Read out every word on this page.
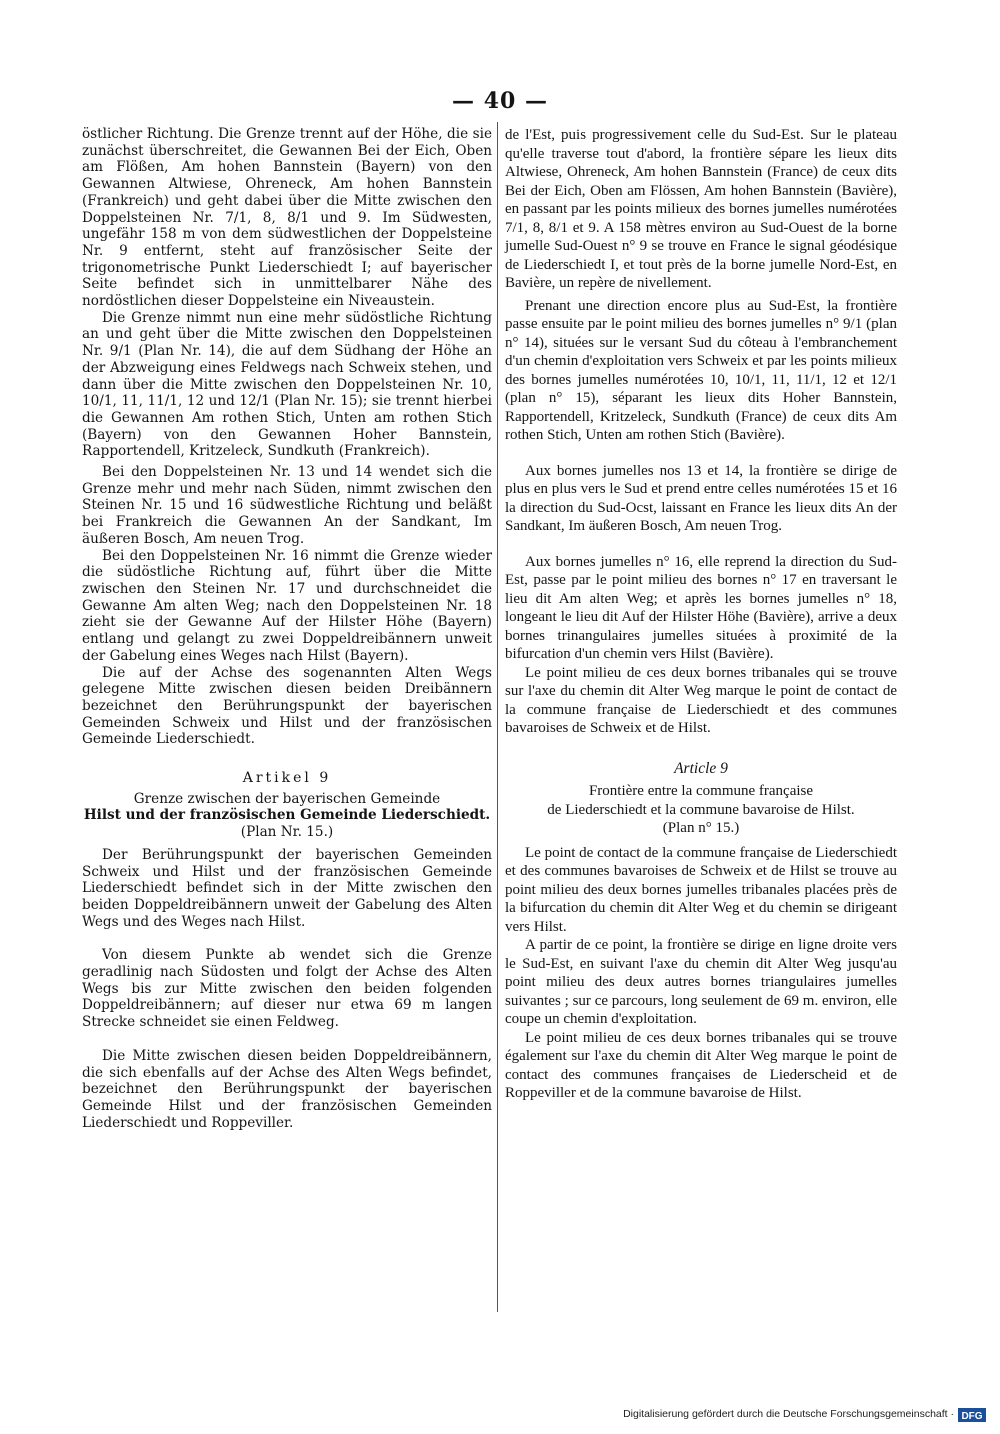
— 40 —

östlicher Richtung. Die Grenze trennt auf der Höhe, die sie zunächst überschreitet, die Gewannen Bei der Eich, Oben am Flößen, Am hohen Bannstein (Bayern) von den Gewannen Altwiese, Ohreneck, Am hohen Bannstein (Frankreich) und geht dabei über die Mitte zwischen den Doppelsteinen Nr. 7/1, 8, 8/1 und 9. Im Südwesten, ungefähr 158 m von dem südwestlichen der Doppelsteine Nr. 9 entfernt, steht auf französischer Seite der trigonometrische Punkt Liederschiedt I; auf bayerischer Seite befindet sich in unmittelbarer Nähe des nordöstlichen dieser Doppelsteine ein Niveaustein.

Die Grenze nimmt nun eine mehr südöstliche Richtung an und geht über die Mitte zwischen den Doppelsteinen Nr. 9/1 (Plan Nr. 14), die auf dem Südhang der Höhe an der Abzweigung eines Feldwegs nach Schweix stehen, und dann über die Mitte zwischen den Doppelsteinen Nr. 10, 10/1, 11, 11/1, 12 und 12/1 (Plan Nr. 15); sie trennt hierbei die Gewannen Am rothen Stich, Unten am rothen Stich (Bayern) von den Gewannen Hoher Bannstein, Rapportendell, Kritzeleck, Sundkuth (Frankreich).

Bei den Doppelsteinen Nr. 13 und 14 wendet sich die Grenze mehr und mehr nach Süden, nimmt zwischen den Steinen Nr. 15 und 16 südwestliche Richtung und beläßt bei Frankreich die Gewannen An der Sandkant, Im äußeren Bosch, Am neuen Trog.

Bei den Doppelsteinen Nr. 16 nimmt die Grenze wieder die südöstliche Richtung auf, führt über die Mitte zwischen den Steinen Nr. 17 und durchschneidet die Gewanne Am alten Weg; nach den Doppelsteinen Nr. 18 zieht sie der Gewanne Auf der Hilster Höhe (Bayern) entlang und gelangt zu zwei Doppeldreibännern unweit der Gabelung eines Weges nach Hilst (Bayern).

Die auf der Achse des sogenannten Alten Wegs gelegene Mitte zwischen diesen beiden Dreibännern bezeichnet den Berührungspunkt der bayerischen Gemeinden Schweix und Hilst und der französischen Gemeinde Liederschiedt.

Artikel 9
Grenze zwischen der bayerischen Gemeinde
Hilst und der französischen Gemeinde Liederschiedt.
(Plan Nr. 15.)

Der Berührungspunkt der bayerischen Gemeinden Schweix und Hilst und der französischen Gemeinde Liederschiedt befindet sich in der Mitte zwischen den beiden Doppeldreibännern unweit der Gabelung des Alten Wegs und des Weges nach Hilst.

Von diesem Punkte ab wendet sich die Grenze geradlinig nach Südosten und folgt der Achse des Alten Wegs bis zur Mitte zwischen den beiden folgenden Doppeldreibännern; auf dieser nur etwa 69 m langen Strecke schneidet sie einen Feldweg.

Die Mitte zwischen diesen beiden Doppeldreibännern, die sich ebenfalls auf der Achse des Alten Wegs befindet, bezeichnet den Berührungspunkt der bayerischen Gemeinde Hilst und der französischen Gemeinden Liederschiedt und Roppeviller.

de l'Est, puis progressivement celle du Sud-Est. Sur le plateau qu'elle traverse tout d'abord, la frontière sépare les lieux dits Altwiese, Ohreneck, Am hohen Bannstein (France) de ceux dits Bei der Eich, Oben am Flössen, Am hohen Bannstein (Bavière), en passant par les points milieux des bornes jumelles numérotées 7/1, 8, 8/1 et 9. A 158 mètres environ au Sud-Ouest de la borne jumelle Sud-Ouest n° 9 se trouve en France le signal géodésique de Liederschiedt I, et tout près de la borne jumelle Nord-Est, en Bavière, un repère de nivellement.

Prenant une direction encore plus au Sud-Est, la frontière passe ensuite par le point milieu des bornes jumelles n° 9/1 (plan n° 14), situées sur le versant Sud du côteau à l'embranchement d'un chemin d'exploitation vers Schweix et par les points milieux des bornes jumelles numérotées 10, 10/1, 11, 11/1, 12 et 12/1 (plan n° 15), séparant les lieux dits Hoher Bannstein, Rapportendell, Kritzeleck, Sundkuth (France) de ceux dits Am rothen Stich, Unten am rothen Stich (Bavière).

Aux bornes jumelles nos 13 et 14, la frontière se dirige de plus en plus vers le Sud et prend entre celles numérotées 15 et 16 la direction du Sud-Ocst, laissant en France les lieux dits An der Sandkant, Im äußeren Bosch, Am neuen Trog.

Aux bornes jumelles n° 16, elle reprend la direction du Sud-Est, passe par le point milieu des bornes n° 17 en traversant le lieu dit Am alten Weg; et après les bornes jumelles n° 18, longeant le lieu dit Auf der Hilster Höhe (Bavière), arrive a deux bornes trinangulaires jumelles situées à proximité de la bifurcation d'un chemin vers Hilst (Bavière).

Le point milieu de ces deux bornes tribanales qui se trouve sur l'axe du chemin dit Alter Weg marque le point de contact de la commune française de Liederschiedt et des communes bavaroises de Schweix et de Hilst.

Article 9
Frontière entre la commune française
de Liederschiedt et la commune bavaroise de Hilst.
(Plan n° 15.)

Le point de contact de la commune française de Liederschiedt et des communes bavaroises de Schweix et de Hilst se trouve au point milieu des deux bornes jumelles tribanales placées près de la bifurcation du chemin dit Alter Weg et du chemin se dirigeant vers Hilst.

A partir de ce point, la frontière se dirige en ligne droite vers le Sud-Est, en suivant l'axe du chemin dit Alter Weg jusqu'au point milieu des deux autres bornes triangulaires jumelles suivantes ; sur ce parcours, long seulement de 69 m. environ, elle coupe un chemin d'exploitation.

Le point milieu de ces deux bornes tribanales qui se trouve également sur l'axe du chemin dit Alter Weg marque le point de contact des communes françaises de Liederscheid et de Roppeviller et de la commune bavaroise de Hilst.

Digitalisierung gefördert durch die Deutsche Forschungsgemeinschaft · DFG
